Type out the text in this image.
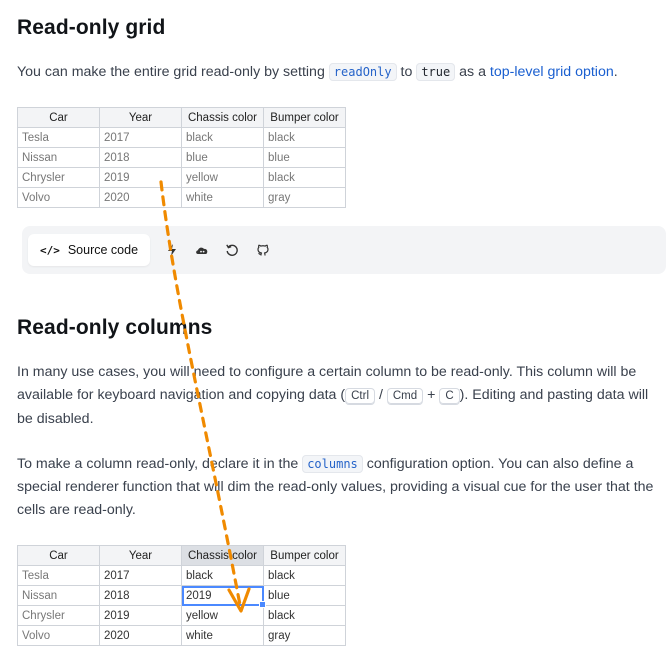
Read-only grid

You can make the entire grid read-only by setting readOnly to true as a top-level grid option.

Car	Year	Chassis color	Bumper color
Tesla	2017	black	black
Nissan	2018	blue	blue
Chrysler	2019	yellow	black
Volvo	2020	white	gray
</> Source code
Read-only columns

In many use cases, you will need to configure a certain column to be read-only. This column will be available for keyboard navigation and copying data ( Ctrl / Cmd + C ). Editing and pasting data will be disabled.

To make a column read-only, declare it in the columns configuration option. You can also define a special renderer function that will dim the read-only values, providing a visual cue for the user that the cells are read-only.

Car	Year	Chassis color	Bumper color
Tesla	2017	black	black
Nissan	2018	2019	blue
Chrysler	2019	yellow	black
Volvo	2020	white	gray
